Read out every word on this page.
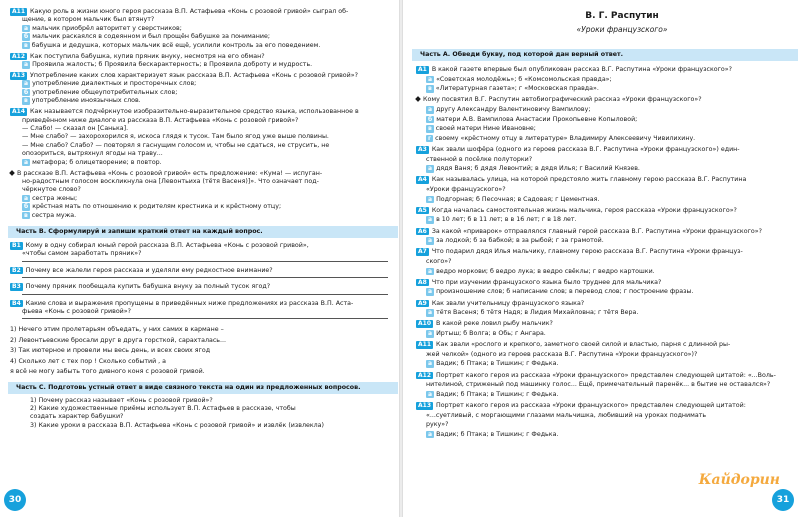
А11 Какую роль в жизни юного героя рассказа В.П. Астафьева «Конь с розовой гривой» сыграл об-
щение, в котором мальчик был втянут?
а мальчик приобрёл авторитет у сверстников;
б мальчик раскаялся в содеянном и был прощён бабушке за понимание;
в бабушка и дедушка, которых мальчик всё ещё, усилили контроль за его поведением.
А12 Как поступила бабушка, купив пряник внуку, несмотря на его обман?
а Проявила жалость; б Проявила бескарактерность; в Проявила доброту и мудрость.
А13 Употребление каких слов характеризует язык рассказа В.П. Астафьева «Конь с розовой гривой»?
а употребление диалектных и просторечных слов;
б употребление общеупотребительных слов;
в употребление иноязычных слов.
А14 Как называется подчёркнутое изобразительно-выразительное средство языка, использованное в
приведённом ниже диалоге из рассказа В.П. Астафьева «Конь с розовой гривой»?
— Слабо! — сказал он [Санька].
— Мне слабо? — захорохорился я, искоса глядя к тусок. Там было ягод уже выше полвины.
— Мне слабо? Слабо? — повторял я гаснущим голосом и, чтобы не сдаться, не струсить, не
опозориться, вытряхнул ягоды на траву...
а метафора; б олицетворение; в повтор.
В рассказе В.П. Астафьева «Конь с розовой гривой» есть предложение: «Кума! — испуган-
но-радостным голосом воскликнула она [Левонтьиха (тётя Васеня)]». Что означает под-
чёркнутое слово?
а сестра жены;
б крёстная мать по отношению к родителям крестника и к крёстному отцу;
в сестра мужа.
Часть В. Сформулируй и запиши краткий ответ на каждый вопрос.
В1 Кому в одну собирал юный герой рассказа В.П. Астафьева «Конь с розовой гривой»,
«чтобы самом заработать пряник»?
В2 Почему все жалели героя рассказа и уделяли ему редкостное внимание?
В3 Почему пряник пообещала купить бабушка внуку за полный тусок ягод?
В4 Какие слова и выражения пропущены в приведённых ниже предложениях из рассказа В.П. Аста-
фьева «Конь с розовой гривой»?
1) Нечего этим пролетарьям объедать, у них самих в кармане –
2) Левонтьевские бросали друг в друга горсткой, сарахталась...
3) Так иютерное и провели мы весь день, и всех своих ягод
4) Сколько лет с тех пор ! Сколько событий , а
я всё не могу забыть того дивного коня с розовой гривой.
Часть С. Подготовь устный ответ в виде связного текста на один из предложенных вопросов.
1) Почему рассказ называет «Конь с розовой гривой»?
2) Какие художественные приёмы использует В.П. Астафьев в рассказе, чтобы
создать характер бабушки?
3) Какие уроки в рассказа В.П. Астафьева «Конь с розовой гривой» и извлёк (извлекла)
В. Г. Распутин
«Уроки французского»
Часть А. Обведи букву, под которой дан верный ответ.
А1 В какой газете впервые был опубликован рассказ В.Г. Распутина «Уроки французского»?
а «Советская молодёжь»; б «Комсомольская правда»;
в «Литературная газета»; г «Московская правда».
Кому посвятил В.Г. Распутин автобиографический рассказ «Уроки французского»?
а другу Александру Валентиновичу Вампилову;
б матери А.В. Вампилова Анастасии Прокопьевне Копыловой;
в своей матери Нине Ивановне;
г своему «крёстному отцу в литературе» Владимиру Алексеевичу Чивилихину.
А3 Как звали шофёра (одного из героев рассказа В.Г. Распутина «Уроки французского») един-
ственной в посёлке полуторки?
а дядя Ваня; б дядя Левонтий; в дядя Илья; г Василий Князев.
А4 Как называлась улица, на которой предстояло жить главному герою рассказа В.Г. Распутина
«Уроки французского»?
а Подгорная; б Песочная; в Садовая; г Цементная.
А5 Когда началась самостоятельная жизнь мальчика, героя рассказа «Уроки французского»?
а в 10 лет; б в 11 лет; в в 16 лет; г в 18 лет.
А6 За какой «приварок» отправлялся главный герой рассказа В.Г. Распутина «Уроки французского»?
а за лодкой; б за бабкой; в за рыбой; г за грамотой.
А7 Что подарил дядя Илья мальчику, главному герою рассказа В.Г. Распутина «Уроки француз-
ского»?
а ведро моркови; б ведро лука; в ведро свёклы; г ведро картошки.
А8 Что при изучении французского языка было труднее для мальчика?
а произношение слов; б написание слов; в перевод слов; г построение фразы.
А9 Как звали учительницу французского языка?
а тётя Васеня; б тётя Надя; в Лидия Михайловна; г тётя Вера.
А10 В какой реке ловил рыбу мальчик?
а Иртыш; б Волга; в Обь; г Ангара.
А11 Как звали «рослого и крепкого, заметного своей силой и властью, парня с длинной ры-
жей челкой» (одного из героев рассказа В.Г. Распутина «Уроки французского»)?
а Вадик; б Птака; в Тишкин; г Федька.
А12 Портрет какого героя из рассказа «Уроки французского» представлен следующей цитатой: «...Воль-
нителиной, стриженый под машинку голос... Ещё, примечательный паренёк... в бытие не оставался»?
а Вадик; б Птака; в Тишкин; г Федька.
А13 Портрет какого героя из рассказа «Уроки французского» представлен следующей цитатой:
«...суетливый, с моргающими глазами мальчишка, любивший на уроках поднимать
руку»?
а Вадик; б Птака; в Тишкин; г Федька.
30	31
Кайдорин
